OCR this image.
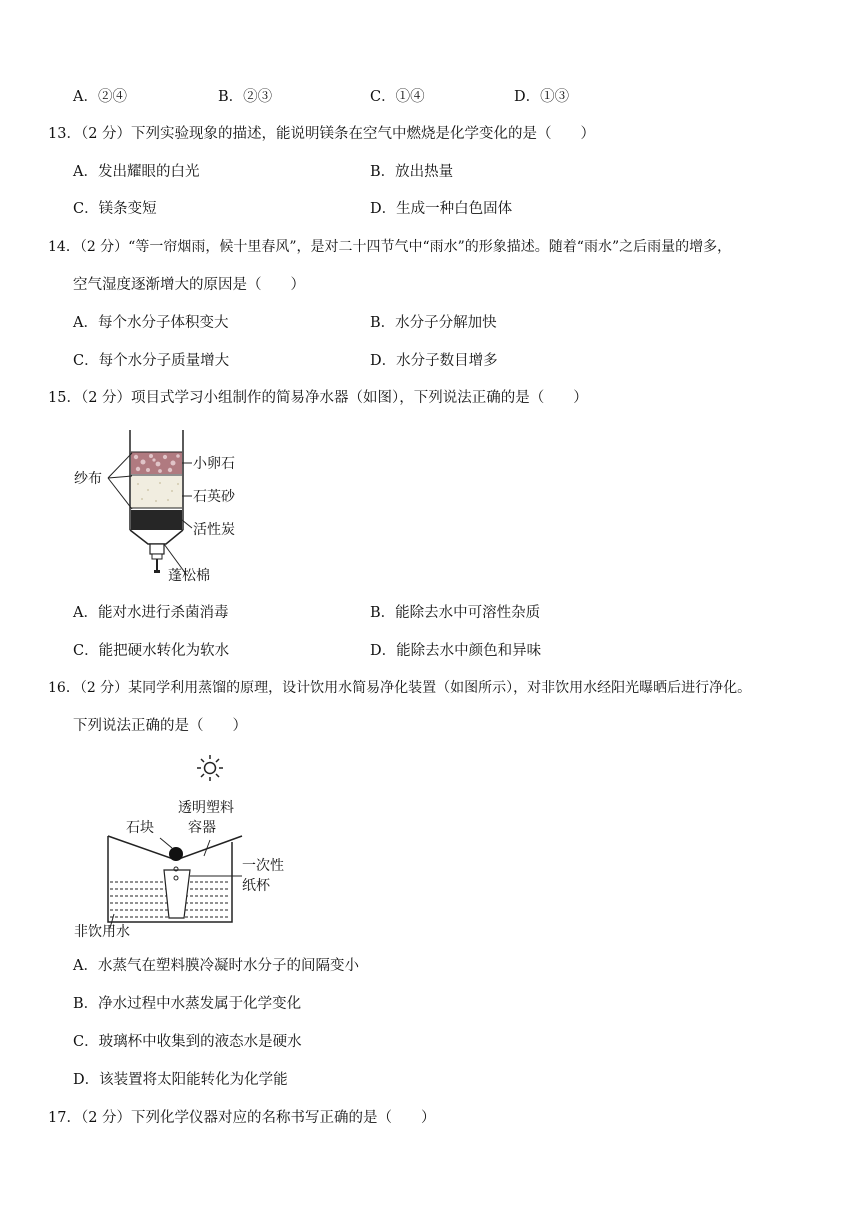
A．②④	B．②③	C．①④	D．①③
13．（2 分）下列实验现象的描述，能说明镁条在空气中燃烧是化学变化的是（　　）
A．发出耀眼的白光	B．放出热量
C．镁条变短	D．生成一种白色固体
14．（2 分）“等一帘烟雨，候十里春风”，是对二十四节气中“雨水”的形象描述。随着“雨水”之后雨量的增多，
空气湿度逐渐增大的原因是（　　）
A．每个水分子体积变大	B．水分子分解加快
C．每个水分子质量增大	D．水分子数目增多
15．（2 分）项目式学习小组制作的简易净水器（如图），下列说法正确的是（　　）
纱布
小卵石
石英砂
活性炭
蓬松棉
A．能对水进行杀菌消毒	B．能除去水中可溶性杂质
C．能把硬水转化为软水	D．能除去水中颜色和异味
16．（2 分）某同学利用蒸馏的原理，设计饮用水简易净化装置（如图所示），对非饮用水经阳光曝晒后进行净化。
下列说法正确的是（　　）
透明塑料
容器
石块
一次性
纸杯
非饮用水
A．水蒸气在塑料膜冷凝时水分子的间隔变小
B．净水过程中水蒸发属于化学变化
C．玻璃杯中收集到的液态水是硬水
D．该装置将太阳能转化为化学能
17．（2 分）下列化学仪器对应的名称书写正确的是（　　）
